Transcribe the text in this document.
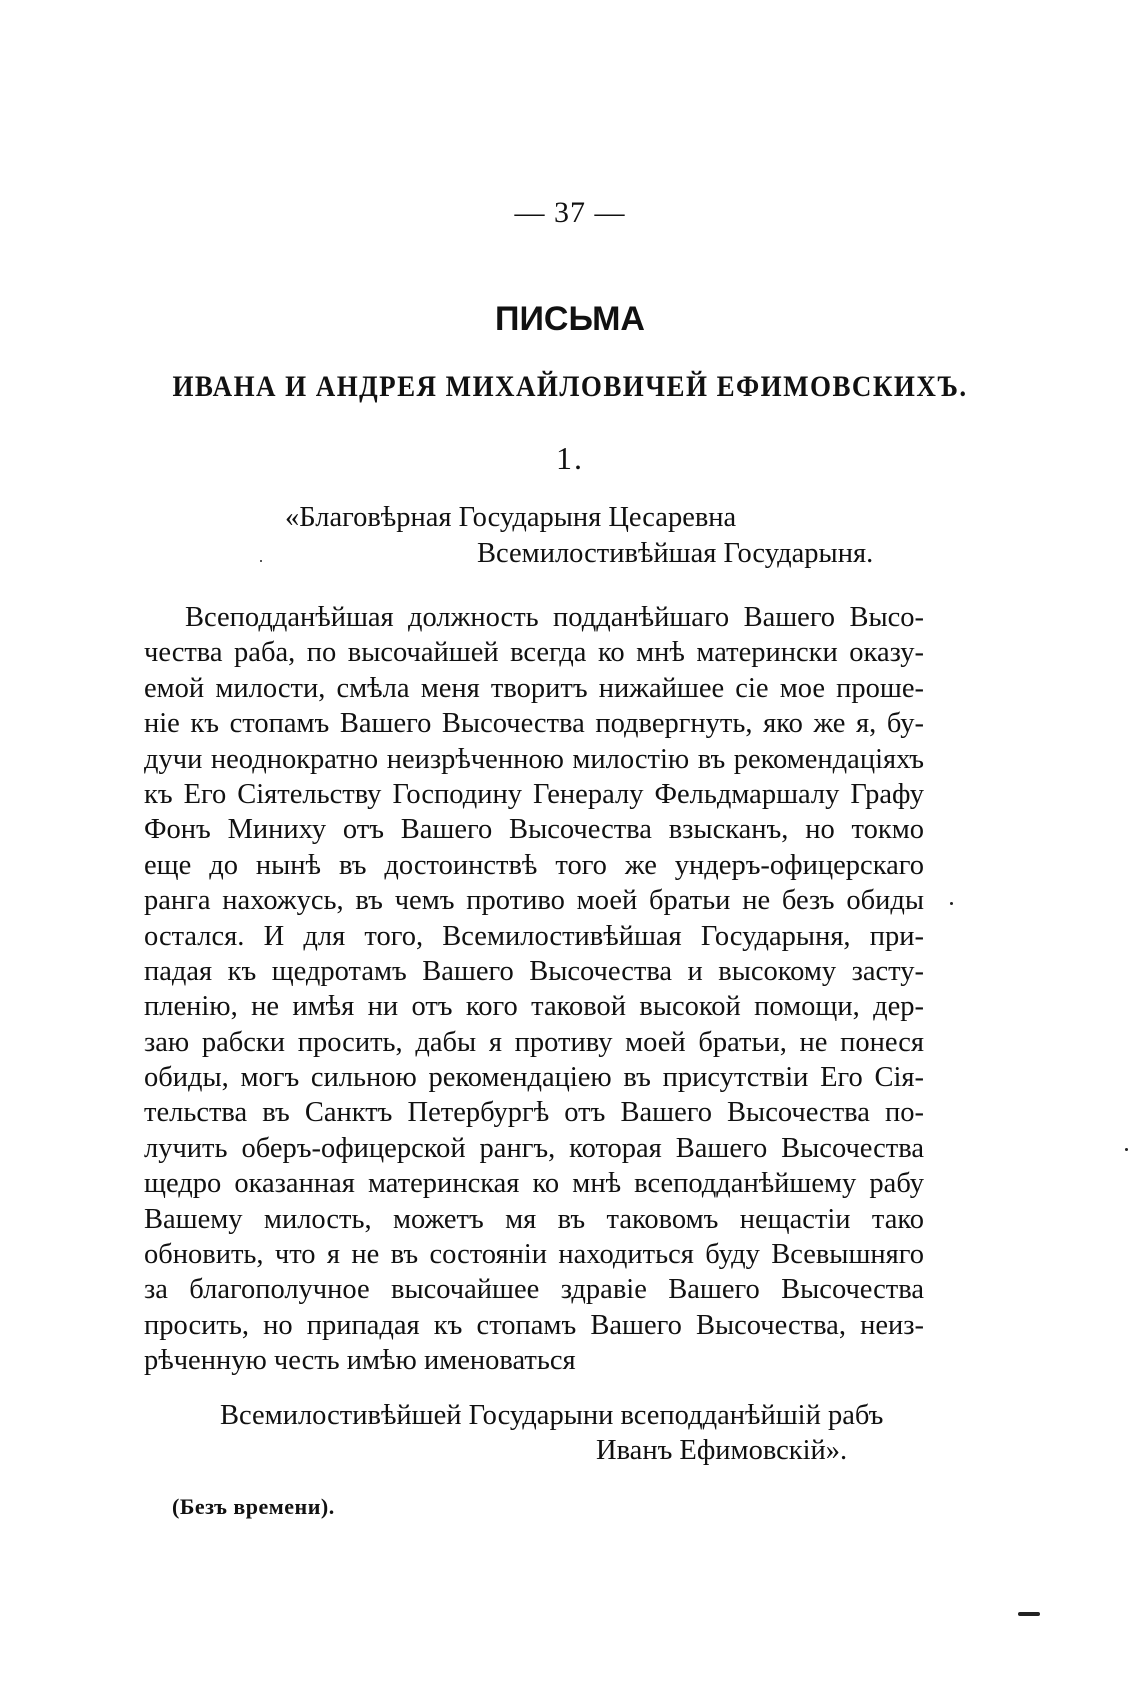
— 37 —
ПИСЬМА
ИВАНА И АНДРЕЯ МИХАЙЛОВИЧЕЙ ЕФИМОВСКИХЪ.
1.
«Благовѣрная Государыня Цесаревна
Всемилостивѣйшая Государыня.
Всеподданѣйшая должность подданѣйшаго Вашего Высо-
чества раба, по высочайшей всегда ко мнѣ матерински оказу-
емой милости, смѣла меня творитъ нижайшее сіе мое проше-
ніе къ стопамъ Вашего Высочества подвергнуть, яко же я, бу-
дучи неоднократно неизрѣченною милостію въ рекомендаціяхъ
къ Его Сіятельству Господину Генералу Фельдмаршалу Графу
Фонъ Миниху отъ Вашего Высочества взысканъ, но токмо
еще до нынѣ въ достоинствѣ того же ундеръ-офицерскаго
ранга нахожусь, въ чемъ противо моей братьи не безъ обиды
остался. И для того, Всемилостивѣйшая Государыня, при-
падая къ щедротамъ Вашего Высочества и высокому засту-
пленію, не имѣя ни отъ кого таковой высокой помощи, дер-
заю рабски просить, дабы я противу моей братьи, не понеся
обиды, могъ сильною рекомендаціею въ присутствіи Его Сія-
тельства въ Санктъ Петербургѣ отъ Вашего Высочества по-
лучить оберъ-офицерской рангъ, которая Вашего Высочества
щедро оказанная материнская ко мнѣ всеподданѣйшему рабу
Вашему милость, можетъ мя въ таковомъ нещастіи тако
обновить, что я не въ состояніи находиться буду Всевышняго
за благополучное высочайшее здравіе Вашего Высочества
просить, но припадая къ стопамъ Вашего Высочества, неиз-
рѣченную честь имѣю именоваться
Всемилостивѣйшей Государыни всеподданѣйшій рабъ
Иванъ Ефимовскій».
(Безъ времени).
